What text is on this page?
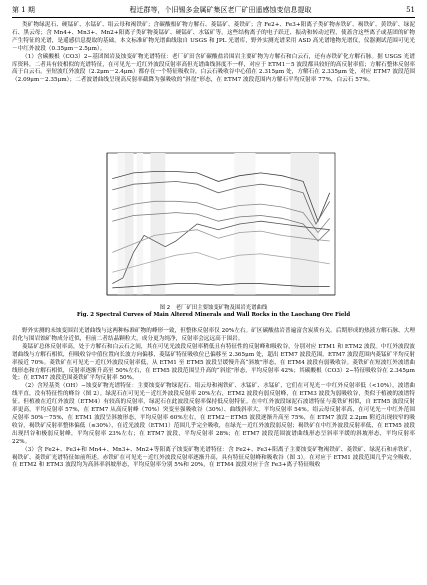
第 1 期	程迁群等，个旧锡多金属矿集区老厂矿田遥感蚀变信息提取	51

类矿物绿泥石、硬锰矿、水锰矿、绢云母和褐铁矿；含碳酸根矿物方解石、菱锰矿、菱铁矿；含 Fe2+、Fe3+阳离子类矿物赤铁矿、褐铁矿、黄铁矿、绿泥石、黑云母；含 Mn4+、Mn3+、Mn2+阳离子类矿物菱锰矿、硬锰矿、水锰矿等。这些结构离子的电子跃迁、振动和转动过程，使蓋含这些离子或基团的矿物产生特征的光谱，是遥感信息提取的基础。本文标准矿物光谱曲线取自 USGS 和 JPL 光谱库，野外实测光谱采用 ASD 高光谱地物光谱仪，仪器测试范围可见光－中红外波段（0.35μm－2.5μm）。

（1）含碳酸根（CO3）2−基团图岩及蚀变矿物光谱特征：老厂矿田含矿碳酸盐岩围岩主要矿物为方解石和白云石，还有赤铁矿化方解石脉。据 USGS 光谱库资料，二者具有较相似的光谱特征，在可见光－近红外波段反射率高但光谱曲线斜度不一样，对应于 ETM1－5 波段都具较好的高反射率值；方解石整体反射率高于白云石。至短波红外波段（2.2μm－2.4μm）都存在一个特征吸收谷，白云石吸收谷中心值在 2.315μm 处，方解石在 2.335μm 处，对应 ETM7 波段范围（2.09μm－2.35μm）；二者波谱曲线呈现高反射率截降为强吸收的“斜崖”形态，在 ETM7 波段范围内方解石平均反射率 77%，白云石 57%。

图 2　老厂矿田主要蚀变矿物及围岩光谱曲线
Fig. 2 Spectral Curves of Main Altered Minerals and Wall Rocks in the Laochang Ore Field

野外实测的未蚀变围岩光谱曲线与这两种标准矿物的峰形一致，但整体反射率仅 20%左右。矿区碳酸盐岩普遍富含炭质有关。后期形成的热液方解石脉、大理岩化与围岩蚀矿物成分近似，但前二者结晶颗粒大，成分更为纯净，反射率会远远高于围岩。

菱锰矿总体反射率高，处于方解石和白云石之间，其在可见光波段反射率稍低且有特征性的反射峰和吸收谷，分别对应 ETM1 和 ETM2 波段。中红外波段波谱曲线与方解石相似，但吸收谷中值位置向长波方向偏移，菱锰矿特征吸收位已偏移至 2.365μm 处，超出 ETM7 波段范围。ETM7 波段范围内菱锰矿平均反射率接近 70%。菱铁矿在可见光－近红外波段反射率低，从 ETM1 至 ETM5 波段呈缓慢升高“斜坡”形态，在 ETM4 波段有弱吸收谷。菱铁矿在短波红外波谱曲线形态和方解石相似，反射率逐渐升高至 50%左右，在 ETM5 波段范围呈升高的“斜崖”形态，平均反射率 42%；其碳酸根（CO3）2−特征吸收谷在 2.345μm 处；在 ETM7 波段范围菱铁矿平均反射率 50%。

（2）含羟基类（OH）−蚀变矿物光谱特征：主要蚀变矿物绿泥石、绢云母和褐铁矿、水锰矿、水锰矿，它们在可见光－中红外反射率低（<10%），波谱曲线平直，没有特征性的峰谷（图 2）。绿泥石在可见光－近红外波段反射率 20%左右，ETM2 波段有弱反射峰，在 ETM3 波段为弱吸收谷，类似于植被的波谱特征。但植被在近红外波段（ETM4）有较高的反射率，绿泥石在此波段反射率保持低反射特征。在中红外波段绿泥石波谱特征与菱铁矿相似，自 ETM5 波段反射率更高，平均反射率 57%，在 ETM7 从高反射峰（70%）突变至强吸收谷（30%）、曲线斜率大，平均反射率 54%。绢云母反射率高，在可见光－中红外范围反射率 50%－75%，在 ETM1 波段呈斜坡形态，平均反射率 60%左右，在 ETM2－ETM5 波段逐渐升高至 75%，在 ETM7 波段 2.2μm 附近出现较窄的吸收谷，褐铁矿反射率整体偏低（≤30%），在近光波段（ETM1）范围几乎完全吸收，在绿光－近红外波段弱反射；褐铁矿在中红外波段反射率低，在 ETM5 波段出现凹谷和极弱反射峰，平均反射率 23%左右；在 ETM7 波段，平均反射率 28%；在 ETM7 波段范围波谱曲线形态呈斜率平缓的斜坡形态，平均反射率 22%。

（3）含 Fe2+、Fe3+和 Mn4+、Mn3+、Mn2+等阳离子蚀变矿物光谱特征：含 Fe2+、Fe3+阳离子主要蚀变矿物褐铁矿、菱铁矿、绿泥石和赤铁矿，褐铁矿、菱铁矿光谱特征如前所述。赤铁矿在可见光－近红外波段反射率逐渐升高，具有特征反射峰和吸收谷（图 3）。在对应于 ETM1 波段范围几乎完全吸收，在 ETM2 和 ETM3 波段均为高斜率斜坡形态，平均反射率分别 5%和 20%，在 ETM4 波段对应于含 Fe3+离子特征吸收
